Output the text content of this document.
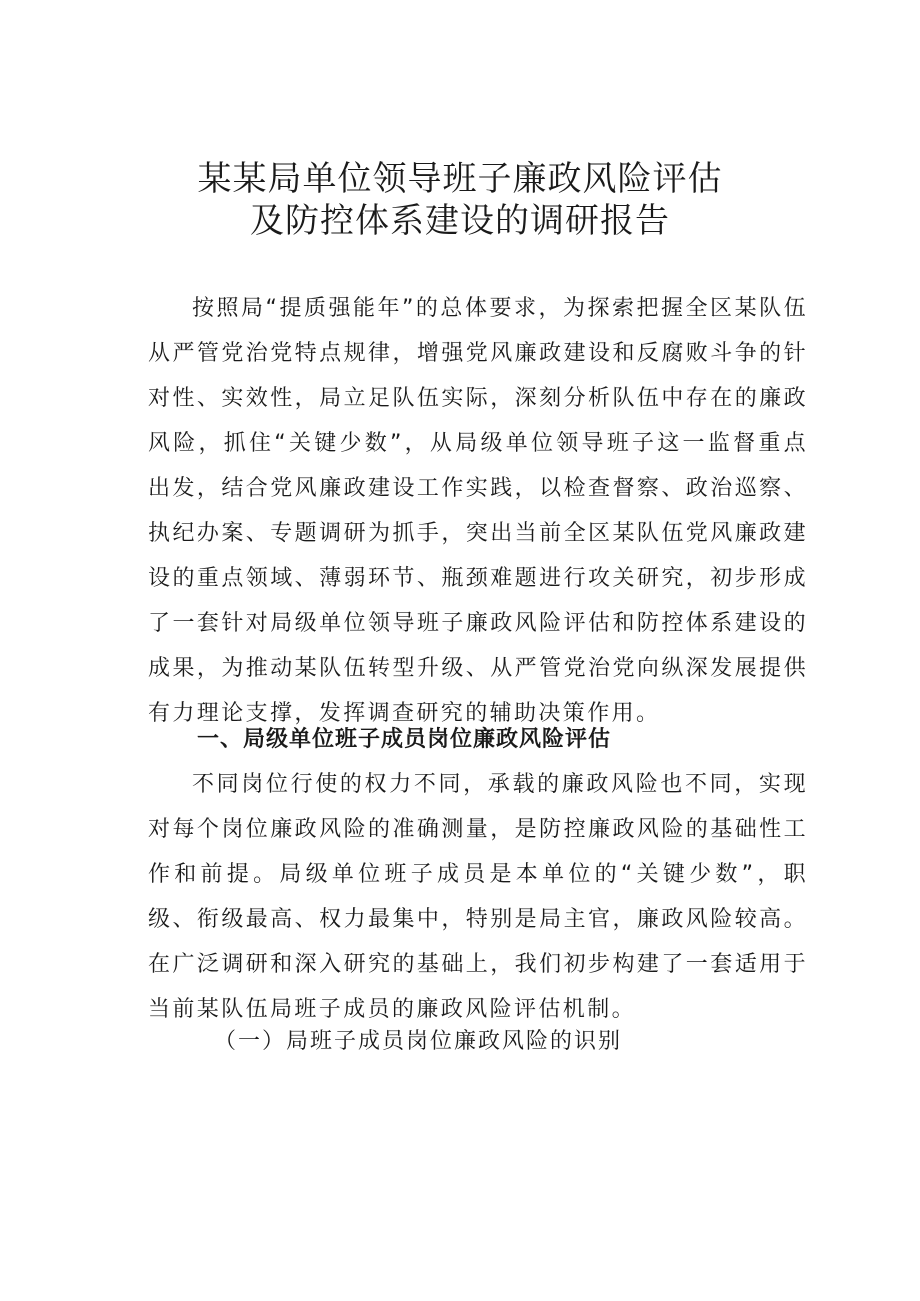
某某局单位领导班子廉政风险评估
及防控体系建设的调研报告
按照局“提质强能年”的总体要求，为探索把握全区某队伍从严管党治党特点规律，增强党风廉政建设和反腐败斗争的针对性、实效性，局立足队伍实际，深刻分析队伍中存在的廉政风险，抓住“关键少数”，从局级单位领导班子这一监督重点出发，结合党风廉政建设工作实践，以检查督察、政治巡察、执纪办案、专题调研为抓手，突出当前全区某队伍党风廉政建设的重点领域、薄弱环节、瓶颈难题进行攻关研究，初步形成了一套针对局级单位领导班子廉政风险评估和防控体系建设的成果，为推动某队伍转型升级、从严管党治党向纵深发展提供有力理论支撑，发挥调查研究的辅助决策作用。
一、局级单位班子成员岗位廉政风险评估
不同岗位行使的权力不同，承载的廉政风险也不同，实现对每个岗位廉政风险的准确测量，是防控廉政风险的基础性工作和前提。局级单位班子成员是本单位的“关键少数”，职级、衔级最高、权力最集中，特别是局主官，廉政风险较高。在广泛调研和深入研究的基础上，我们初步构建了一套适用于当前某队伍局班子成员的廉政风险评估机制。
（一）局班子成员岗位廉政风险的识别
